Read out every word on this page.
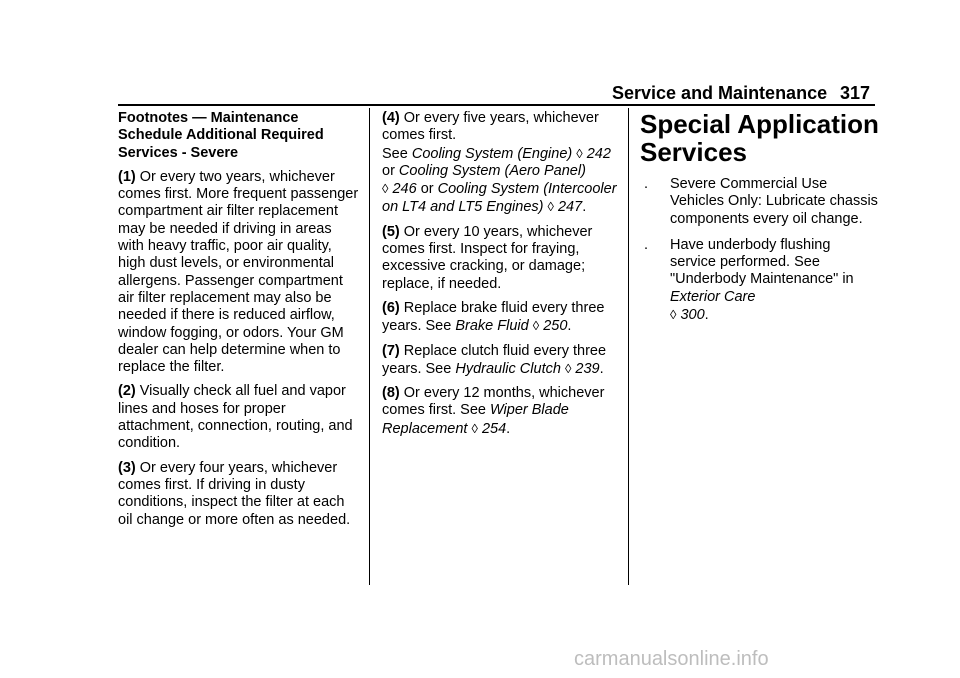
Service and Maintenance 317

Footnotes — Maintenance Schedule Additional Required Services - Severe

(1) Or every two years, whichever comes first. More frequent passenger compartment air filter replacement may be needed if driving in areas with heavy traffic, poor air quality, high dust levels, or environmental allergens. Passenger compartment air filter replacement may also be needed if there is reduced airflow, window fogging, or odors. Your GM dealer can help determine when to replace the filter.

(2) Visually check all fuel and vapor lines and hoses for proper attachment, connection, routing, and condition.

(3) Or every four years, whichever comes first. If driving in dusty conditions, inspect the filter at each oil change or more often as needed.

(4) Or every five years, whichever comes first.
See Cooling System (Engine) ◊ 242
or Cooling System (Aero Panel)
◊ 246 or Cooling System (Intercooler on LT4 and LT5 Engines) ◊ 247.

(5) Or every 10 years, whichever comes first. Inspect for fraying, excessive cracking, or damage; replace, if needed.

(6) Replace brake fluid every three years. See Brake Fluid ◊ 250.

(7) Replace clutch fluid every three years. See Hydraulic Clutch ◊ 239.

(8) Or every 12 months, whichever comes first. See Wiper Blade Replacement ◊ 254.

Special Application Services
. Severe Commercial Use Vehicles Only: Lubricate chassis components every oil change.
. Have underbody flushing service performed. See "Underbody Maintenance" in Exterior Care
◊ 300.
carmanualsonline.info
